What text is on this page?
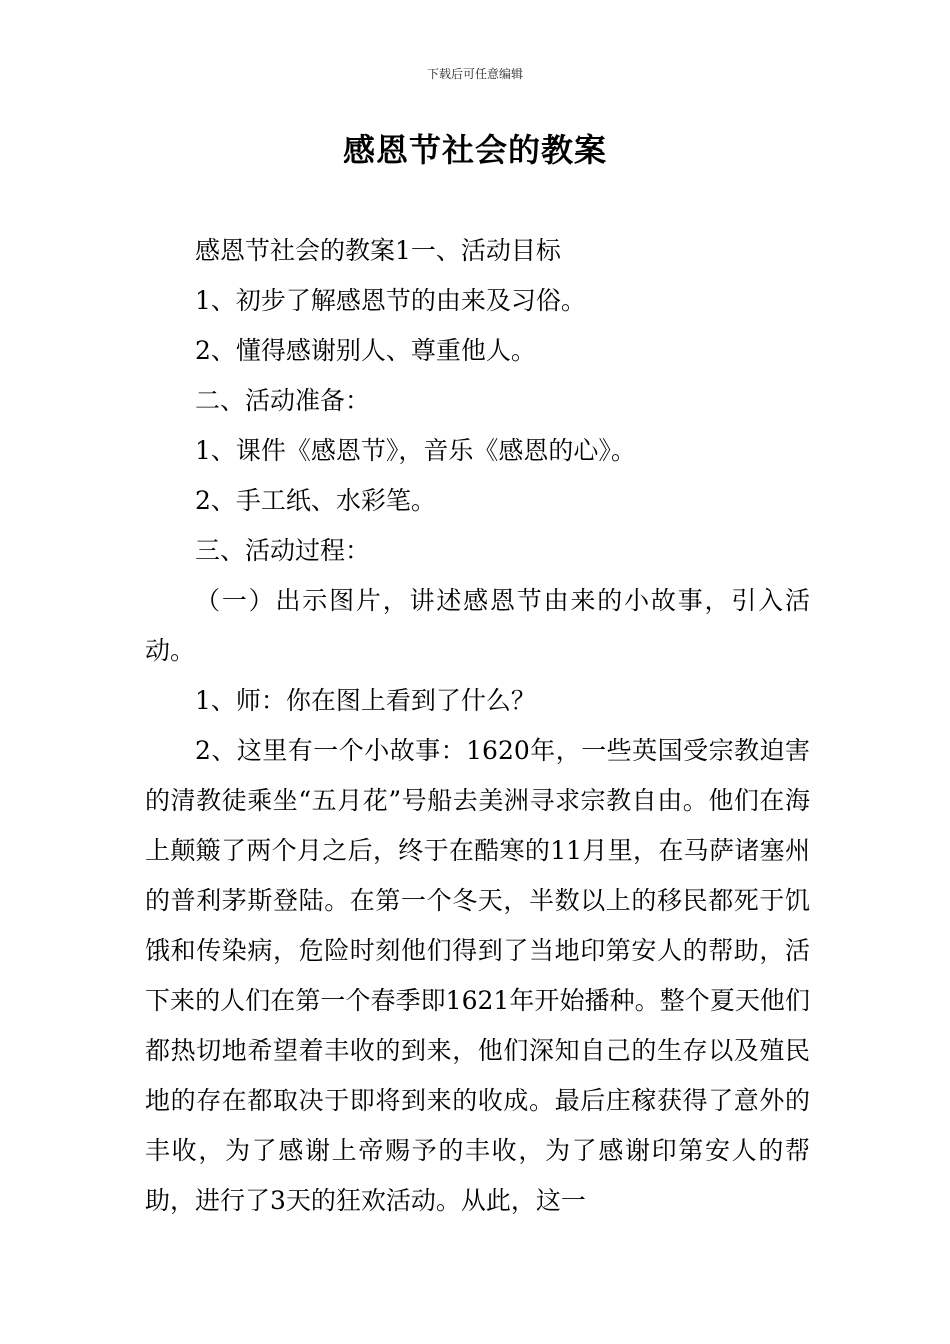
下载后可任意编辑
感恩节社会的教案

感恩节社会的教案1一、活动目标

1、初步了解感恩节的由来及习俗。

2、懂得感谢别人、尊重他人。

二、活动准备：

1、课件《感恩节》，音乐《感恩的心》。

2、手工纸、水彩笔。

三、活动过程：

（一）出示图片，讲述感恩节由来的小故事，引入活动。

1、师：你在图上看到了什么？

2、这里有一个小故事：1620年，一些英国受宗教迫害的清教徒乘坐“五月花”号船去美洲寻求宗教自由。他们在海上颠簸了两个月之后，终于在酷寒的11月里，在马萨诸塞州的普利茅斯登陆。在第一个冬天，半数以上的移民都死于饥饿和传染病，危险时刻他们得到了当地印第安人的帮助，活下来的人们在第一个春季即1621年开始播种。整个夏天他们都热切地希望着丰收的到来，他们深知自己的生存以及殖民地的存在都取决于即将到来的收成。最后庄稼获得了意外的丰收，为了感谢上帝赐予的丰收，为了感谢印第安人的帮助，进行了3天的狂欢活动。从此，这一
